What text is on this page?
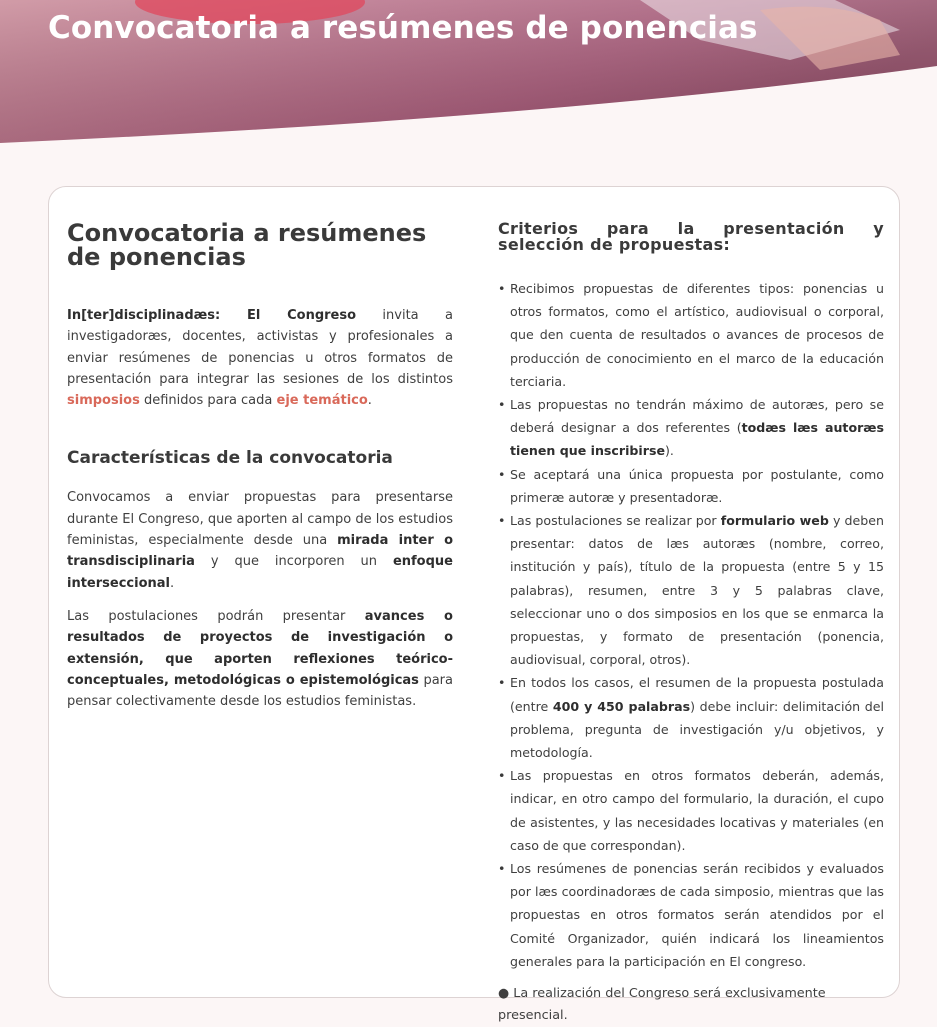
Convocatoria a resúmenes de ponencias
Convocatoria a resúmenes de ponencias

In[ter]disciplinadæs: El Congreso invita a investigadoræs, docentes, activistas y profesionales a enviar resúmenes de ponencias u otros formatos de presentación para integrar las sesiones de los distintos simposios definidos para cada eje temático.

Características de la convocatoria

Convocamos a enviar propuestas para presentarse durante El Congreso, que aporten al campo de los estudios feministas, especialmente desde una mirada inter o transdisciplinaria y que incorporen un enfoque interseccional.

Las postulaciones podrán presentar avances o resultados de proyectos de investigación o extensión, que aporten reflexiones teórico-conceptuales, metodológicas o epistemológicas para pensar colectivamente desde los estudios feministas.

Criterios para la presentación y selección de propuestas:
• Recibimos propuestas de diferentes tipos: ponencias u otros formatos, como el artístico, audiovisual o corporal, que den cuenta de resultados o avances de procesos de producción de conocimiento en el marco de la educación terciaria.
• Las propuestas no tendrán máximo de autoræs, pero se deberá designar a dos referentes (todæs læs autoræs tienen que inscribirse).
• Se aceptará una única propuesta por postulante, como primeræ autoræ y presentadoræ.
• Las postulaciones se realizar por formulario web y deben presentar: datos de læs autoræs (nombre, correo, institución y país), título de la propuesta (entre 5 y 15 palabras), resumen, entre 3 y 5 palabras clave, seleccionar uno o dos simposios en los que se enmarca la propuestas, y formato de presentación (ponencia, audiovisual, corporal, otros).
• En todos los casos, el resumen de la propuesta postulada (entre 400 y 450 palabras) debe incluir: delimitación del problema, pregunta de investigación y/u objetivos, y metodología.
• Las propuestas en otros formatos deberán, además, indicar, en otro campo del formulario, la duración, el cupo de asistentes, y las necesidades locativas y materiales (en caso de que correspondan).
• Los resúmenes de ponencias serán recibidos y evaluados por læs coordinadoræs de cada simposio, mientras que las propuestas en otros formatos serán atendidos por el Comité Organizador, quién indicará los lineamientos generales para la participación en El congreso.

● La realización del Congreso será exclusivamente presencial.
